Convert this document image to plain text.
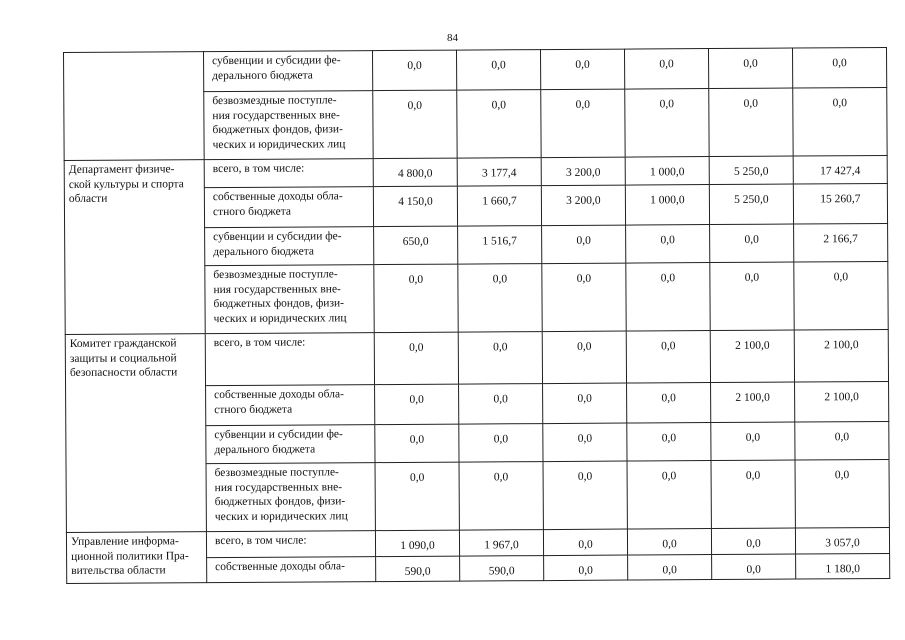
84
	субвенции и субсидии фе-
дерального бюджета	0,0	0,0	0,0	0,0	0,0	0,0
	безвозмездные поступле-
ния государственных вне-
бюджетных фондов, физи-
ческих и юридических лиц	0,0	0,0	0,0	0,0	0,0	0,0
Департамент физиче-
ской культуры и спорта
области	всего, в том числе:	4 800,0	3 177,4	3 200,0	1 000,0	5 250,0	17 427,4
	собственные доходы обла-
стного бюджета	4 150,0	1 660,7	3 200,0	1 000,0	5 250,0	15 260,7
	субвенции и субсидии фе-
дерального бюджета	650,0	1 516,7	0,0	0,0	0,0	2 166,7
	безвозмездные поступле-
ния государственных вне-
бюджетных фондов, физи-
ческих и юридических лиц	0,0	0,0	0,0	0,0	0,0	0,0
Комитет гражданской
защиты и социальной
безопасности области	всего, в том числе:	0,0	0,0	0,0	0,0	2 100,0	2 100,0
	собственные доходы обла-
стного бюджета	0,0	0,0	0,0	0,0	2 100,0	2 100,0
	субвенции и субсидии фе-
дерального бюджета	0,0	0,0	0,0	0,0	0,0	0,0
	безвозмездные поступле-
ния государственных вне-
бюджетных фондов, физи-
ческих и юридических лиц	0,0	0,0	0,0	0,0	0,0	0,0
Управление информа-
ционной политики Пра-
вительства области	всего, в том числе:	1 090,0	1 967,0	0,0	0,0	0,0	3 057,0
	собственные доходы обла-	590,0	590,0	0,0	0,0	0,0	1 180,0
